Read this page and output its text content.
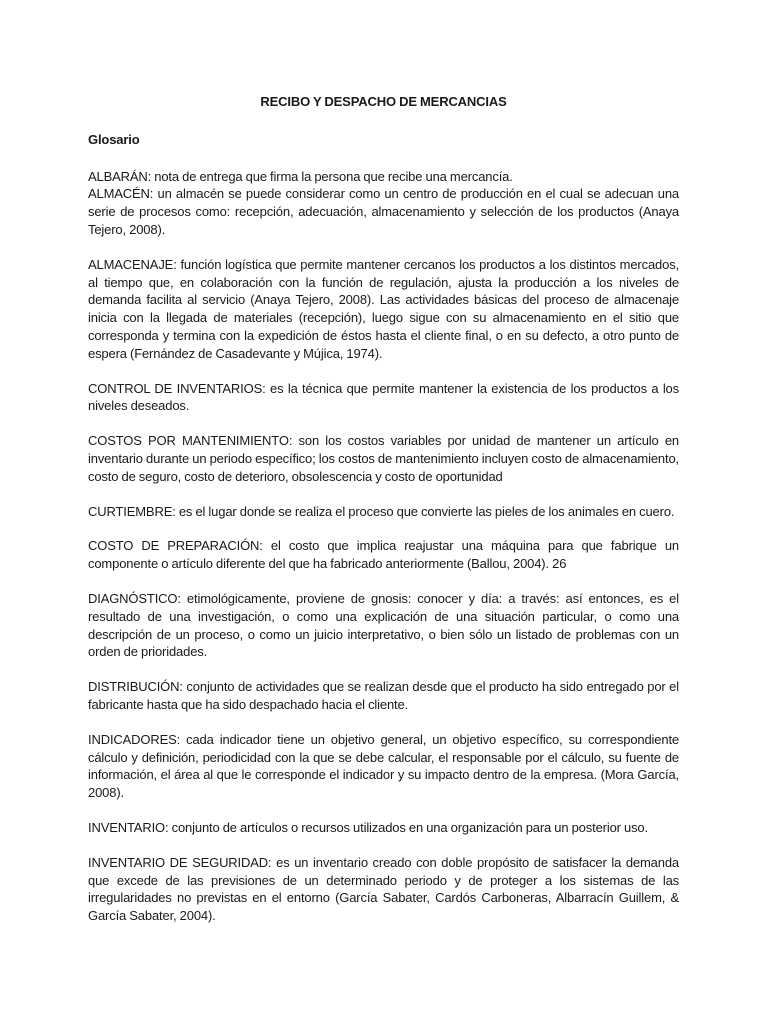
RECIBO Y DESPACHO DE MERCANCIAS

Glosario

ALBARÁN: nota de entrega que firma la persona que recibe una mercancía.

ALMACÉN: un almacén se puede considerar como un centro de producción en el cual se adecuan una serie de procesos como: recepción, adecuación, almacenamiento y selección de los productos (Anaya Tejero, 2008).

ALMACENAJE: función logística que permite mantener cercanos los productos a los distintos mercados, al tiempo que, en colaboración con la función de regulación, ajusta la producción a los niveles de demanda facilita al servicio (Anaya Tejero, 2008). Las actividades básicas del proceso de almacenaje inicia con la llegada de materiales (recepción), luego sigue con su almacenamiento en el sitio que corresponda y termina con la expedición de éstos hasta el cliente final, o en su defecto, a otro punto de espera (Fernández de Casadevante y Mújica, 1974).

CONTROL DE INVENTARIOS: es la técnica que permite mantener la existencia de los productos a los niveles deseados.

COSTOS POR MANTENIMIENTO: son los costos variables por unidad de mantener un artículo en inventario durante un periodo específico; los costos de mantenimiento incluyen costo de almacenamiento, costo de seguro, costo de deterioro, obsolescencia y costo de oportunidad

CURTIEMBRE: es el lugar donde se realiza el proceso que convierte las pieles de los animales en cuero.

COSTO DE PREPARACIÓN: el costo que implica reajustar una máquina para que fabrique un componente o artículo diferente del que ha fabricado anteriormente (Ballou, 2004). 26

DIAGNÓSTICO: etimológicamente, proviene de gnosis: conocer y día: a través: así entonces, es el resultado de una investigación, o como una explicación de una situación particular, o como una descripción de un proceso, o como un juicio interpretativo, o bien sólo un listado de problemas con un orden de prioridades.

DISTRIBUCIÓN: conjunto de actividades que se realizan desde que el producto ha sido entregado por el fabricante hasta que ha sido despachado hacia el cliente.

INDICADORES: cada indicador tiene un objetivo general, un objetivo específico, su correspondiente cálculo y definición, periodicidad con la que se debe calcular, el responsable por el cálculo, su fuente de información, el área al que le corresponde el indicador y su impacto dentro de la empresa. (Mora García, 2008).

INVENTARIO: conjunto de artículos o recursos utilizados en una organización para un posterior uso.

INVENTARIO DE SEGURIDAD: es un inventario creado con doble propósito de satisfacer la demanda que excede de las previsiones de un determinado periodo y de proteger a los sistemas de las irregularidades no previstas en el entorno (García Sabater, Cardós Carboneras, Albarracín Guillem, & García Sabater, 2004).
